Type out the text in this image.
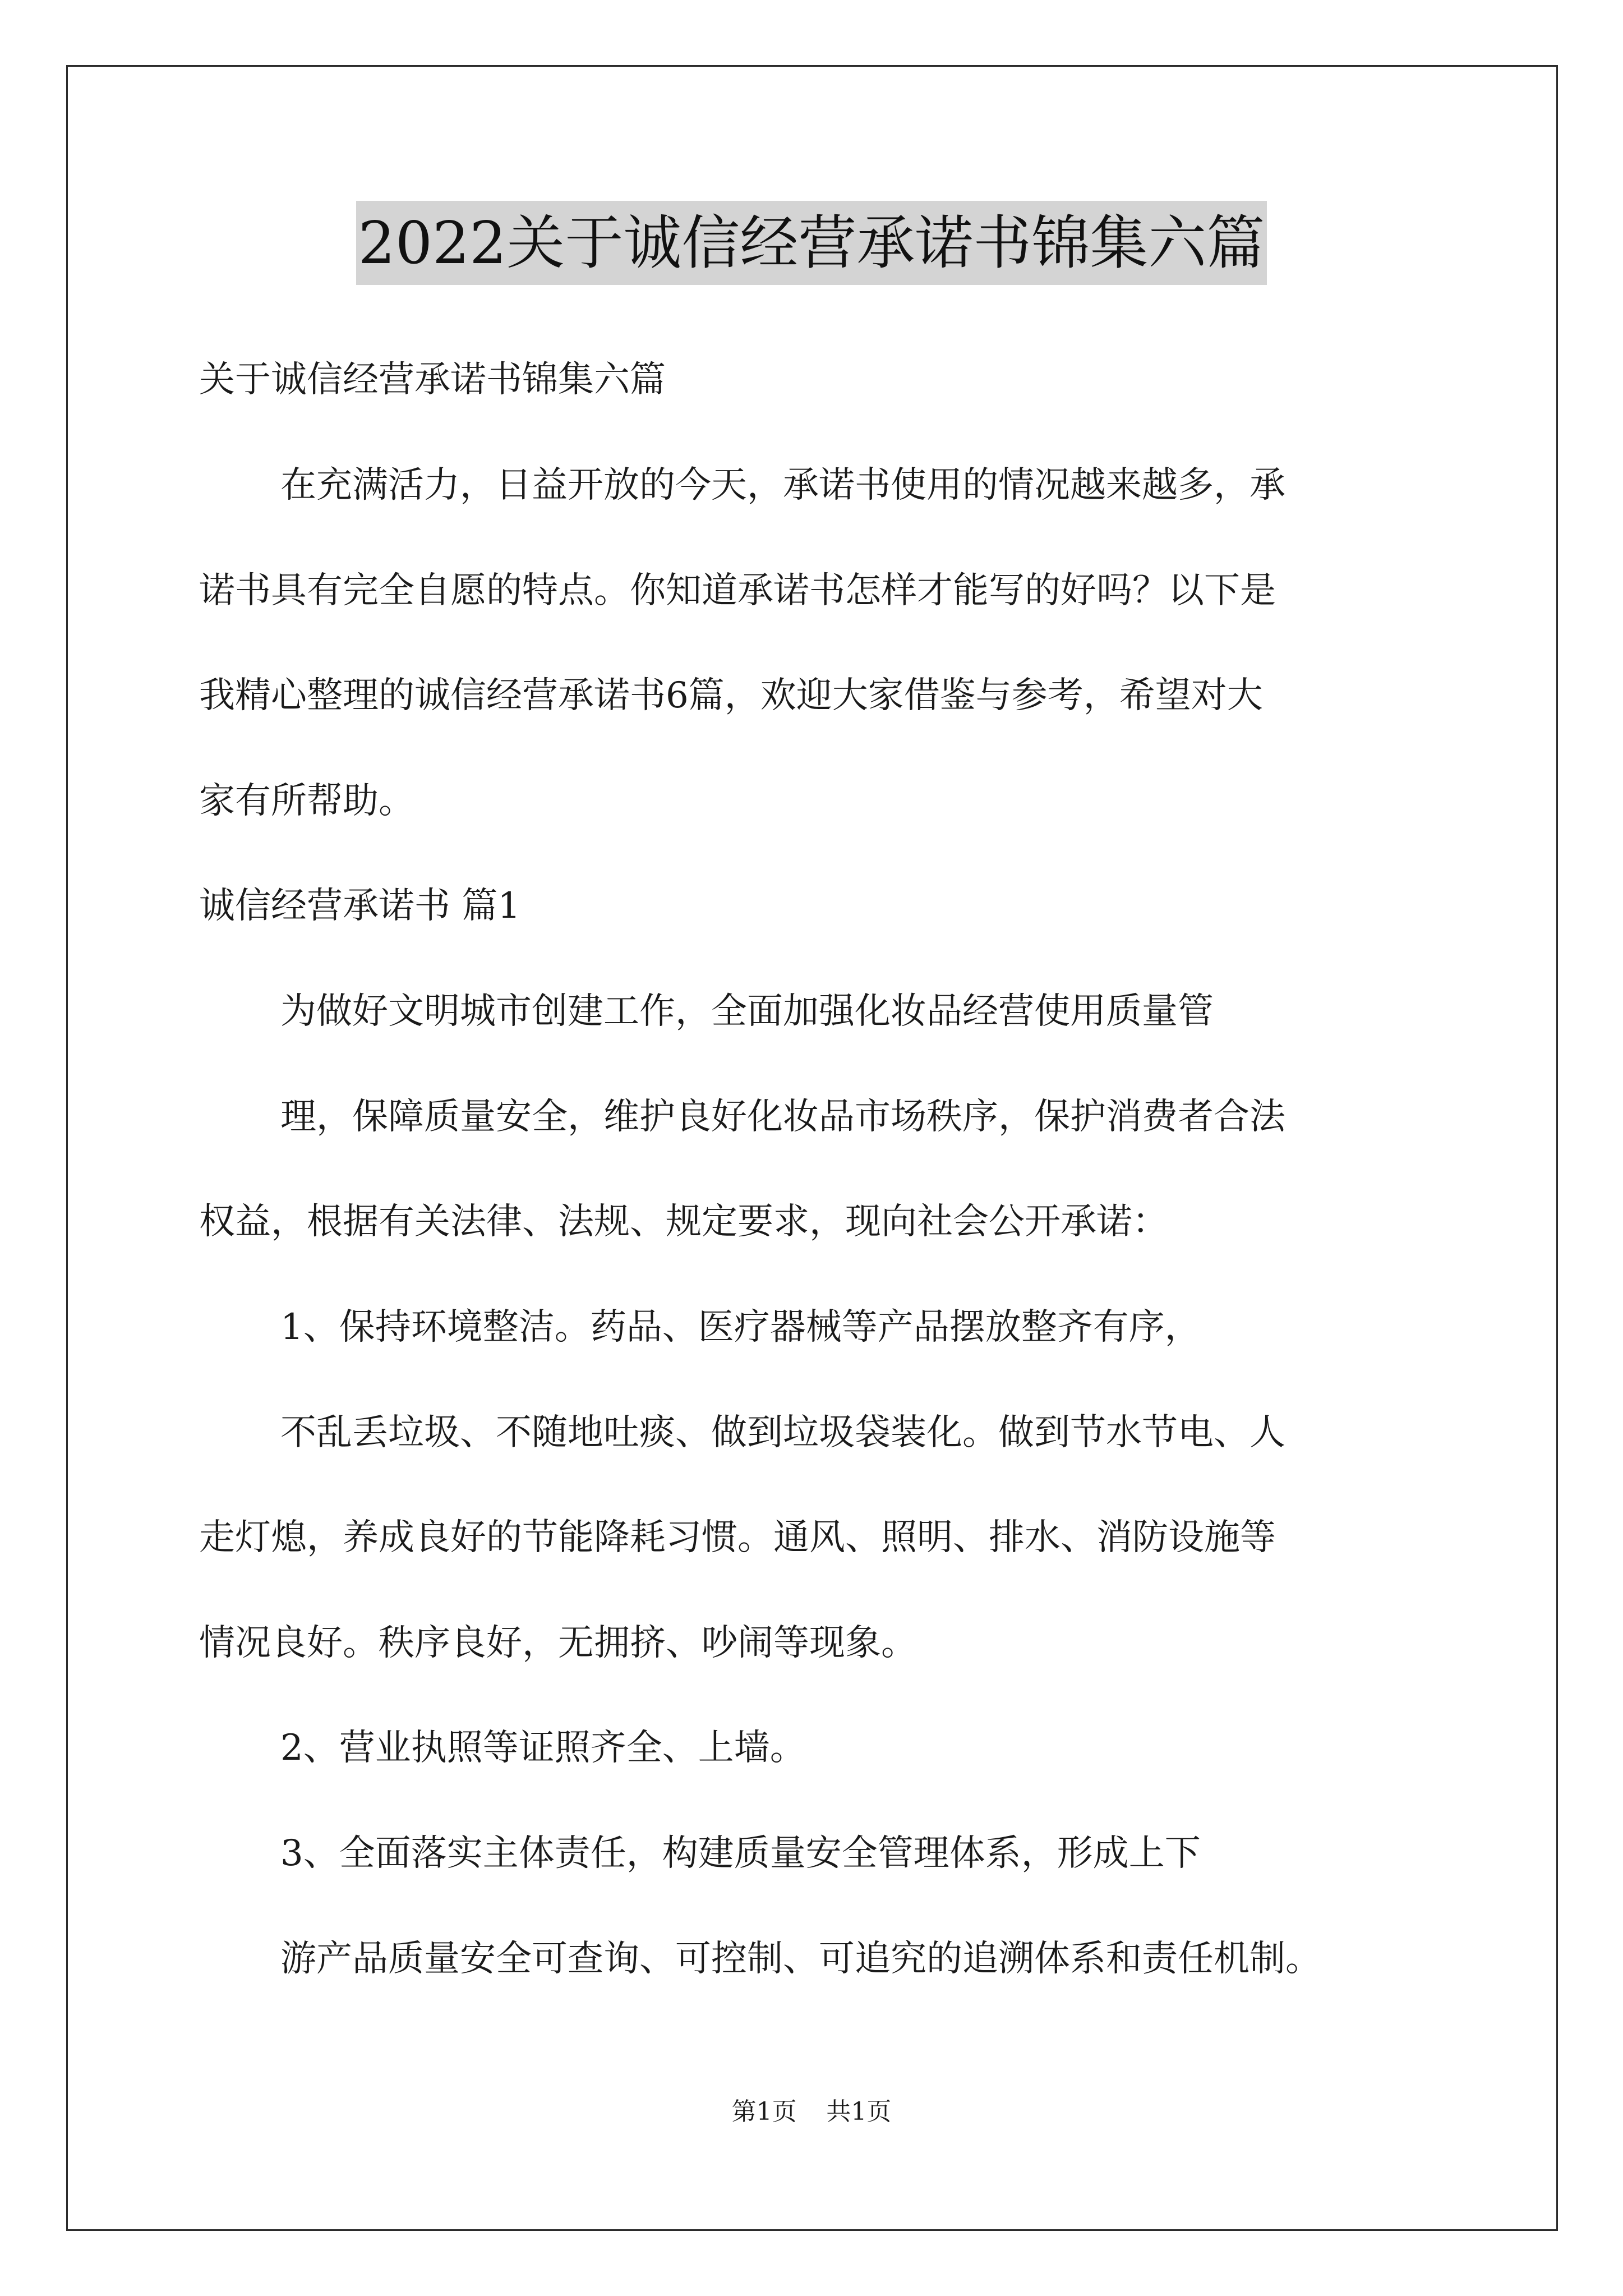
2022关于诚信经营承诺书锦集六篇
关于诚信经营承诺书锦集六篇
在充满活力，日益开放的今天，承诺书使用的情况越来越多，承
诺书具有完全自愿的特点。你知道承诺书怎样才能写的好吗？以下是
我精心整理的诚信经营承诺书6篇，欢迎大家借鉴与参考，希望对大
家有所帮助。
诚信经营承诺书 篇1
为做好文明城市创建工作，全面加强化妆品经营使用质量管
理，保障质量安全，维护良好化妆品市场秩序，保护消费者合法
权益，根据有关法律、法规、规定要求，现向社会公开承诺：
1、保持环境整洁。药品、医疗器械等产品摆放整齐有序，
不乱丢垃圾、不随地吐痰、做到垃圾袋装化。做到节水节电、人
走灯熄，养成良好的节能降耗习惯。通风、照明、排水、消防设施等
情况良好。秩序良好，无拥挤、吵闹等现象。
2、营业执照等证照齐全、上墙。
3、全面落实主体责任，构建质量安全管理体系，形成上下
游产品质量安全可查询、可控制、可追究的追溯体系和责任机制。
第1页 共1页
